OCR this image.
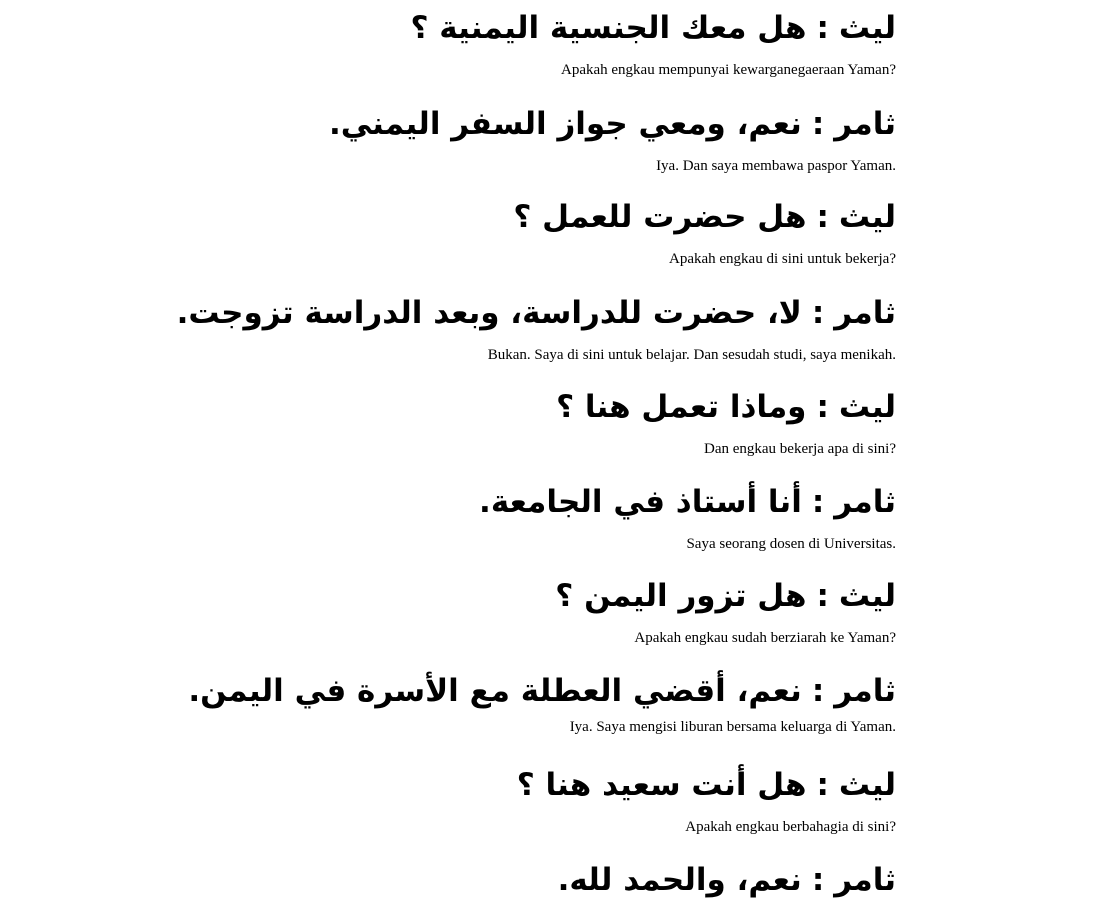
ليث:هل معك الجنسية اليمنية ؟
Apakah engkau mempunyai kewarganegaeraan Yaman?
ثامر:نعم، ومعي جواز السفر اليمني.
Iya. Dan saya membawa paspor Yaman.
ليث:هل حضرت للعمل ؟
Apakah engkau di sini untuk bekerja?
ثامر:لا، حضرت للدراسة، وبعد الدراسة تزوجت.
Bukan. Saya di sini untuk belajar. Dan sesudah studi, saya menikah.
ليث:وماذا تعمل هنا ؟
Dan engkau bekerja apa di sini?
ثامر:أنا أستاذ في الجامعة.
Saya seorang dosen di Universitas.
ليث:هل تزور اليمن ؟
Apakah engkau sudah berziarah ke Yaman?
ثامر:نعم، أقضي العطلة مع الأسرة في اليمن.
Iya. Saya mengisi liburan bersama keluarga di Yaman.
ليث:هل أنت سعيد هنا ؟
Apakah engkau berbahagia di sini?
ثامر:نعم، والحمد لله.
